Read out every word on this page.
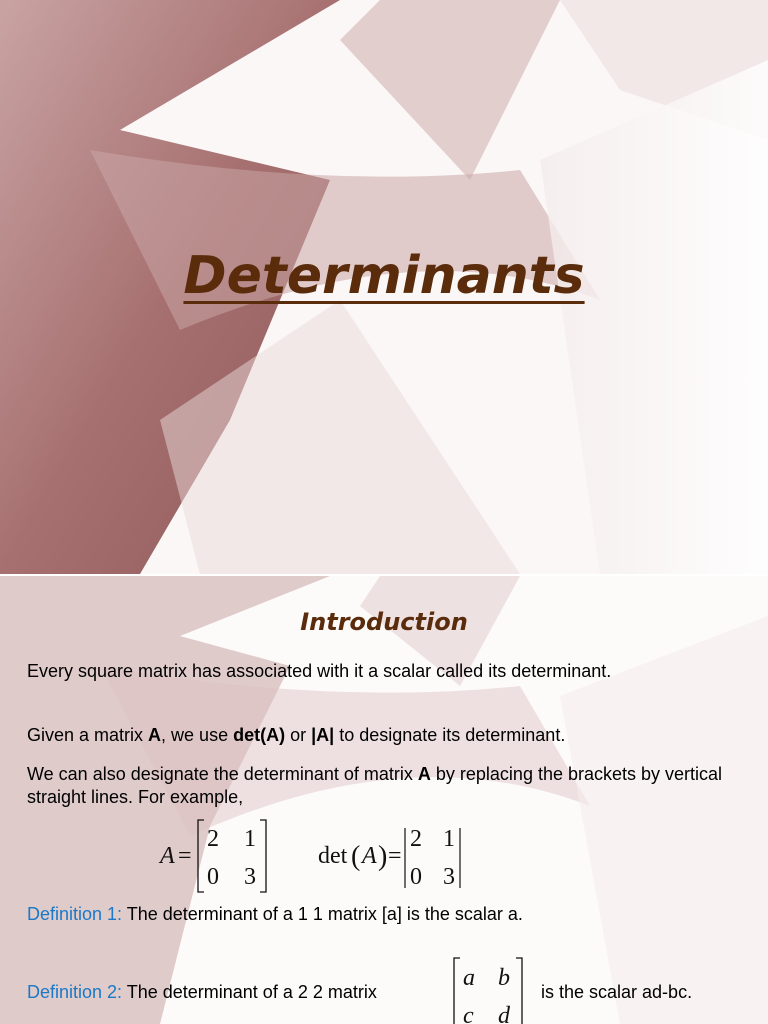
Determinants
Introduction
Every square matrix has associated with it a scalar called its determinant.
Given a matrix A, we use det(A) or |A| to designate its determinant.
We can also designate the determinant of matrix A by replacing the brackets by vertical straight lines. For example,
A =
2 1
0 3
det ( A ) =
2 1
0 3
Definition 1: The determinant of a 1 1 matrix [a] is the scalar a.
Definition 2: The determinant of a 2 2 matrix
a b
c d
is the scalar ad-bc.
